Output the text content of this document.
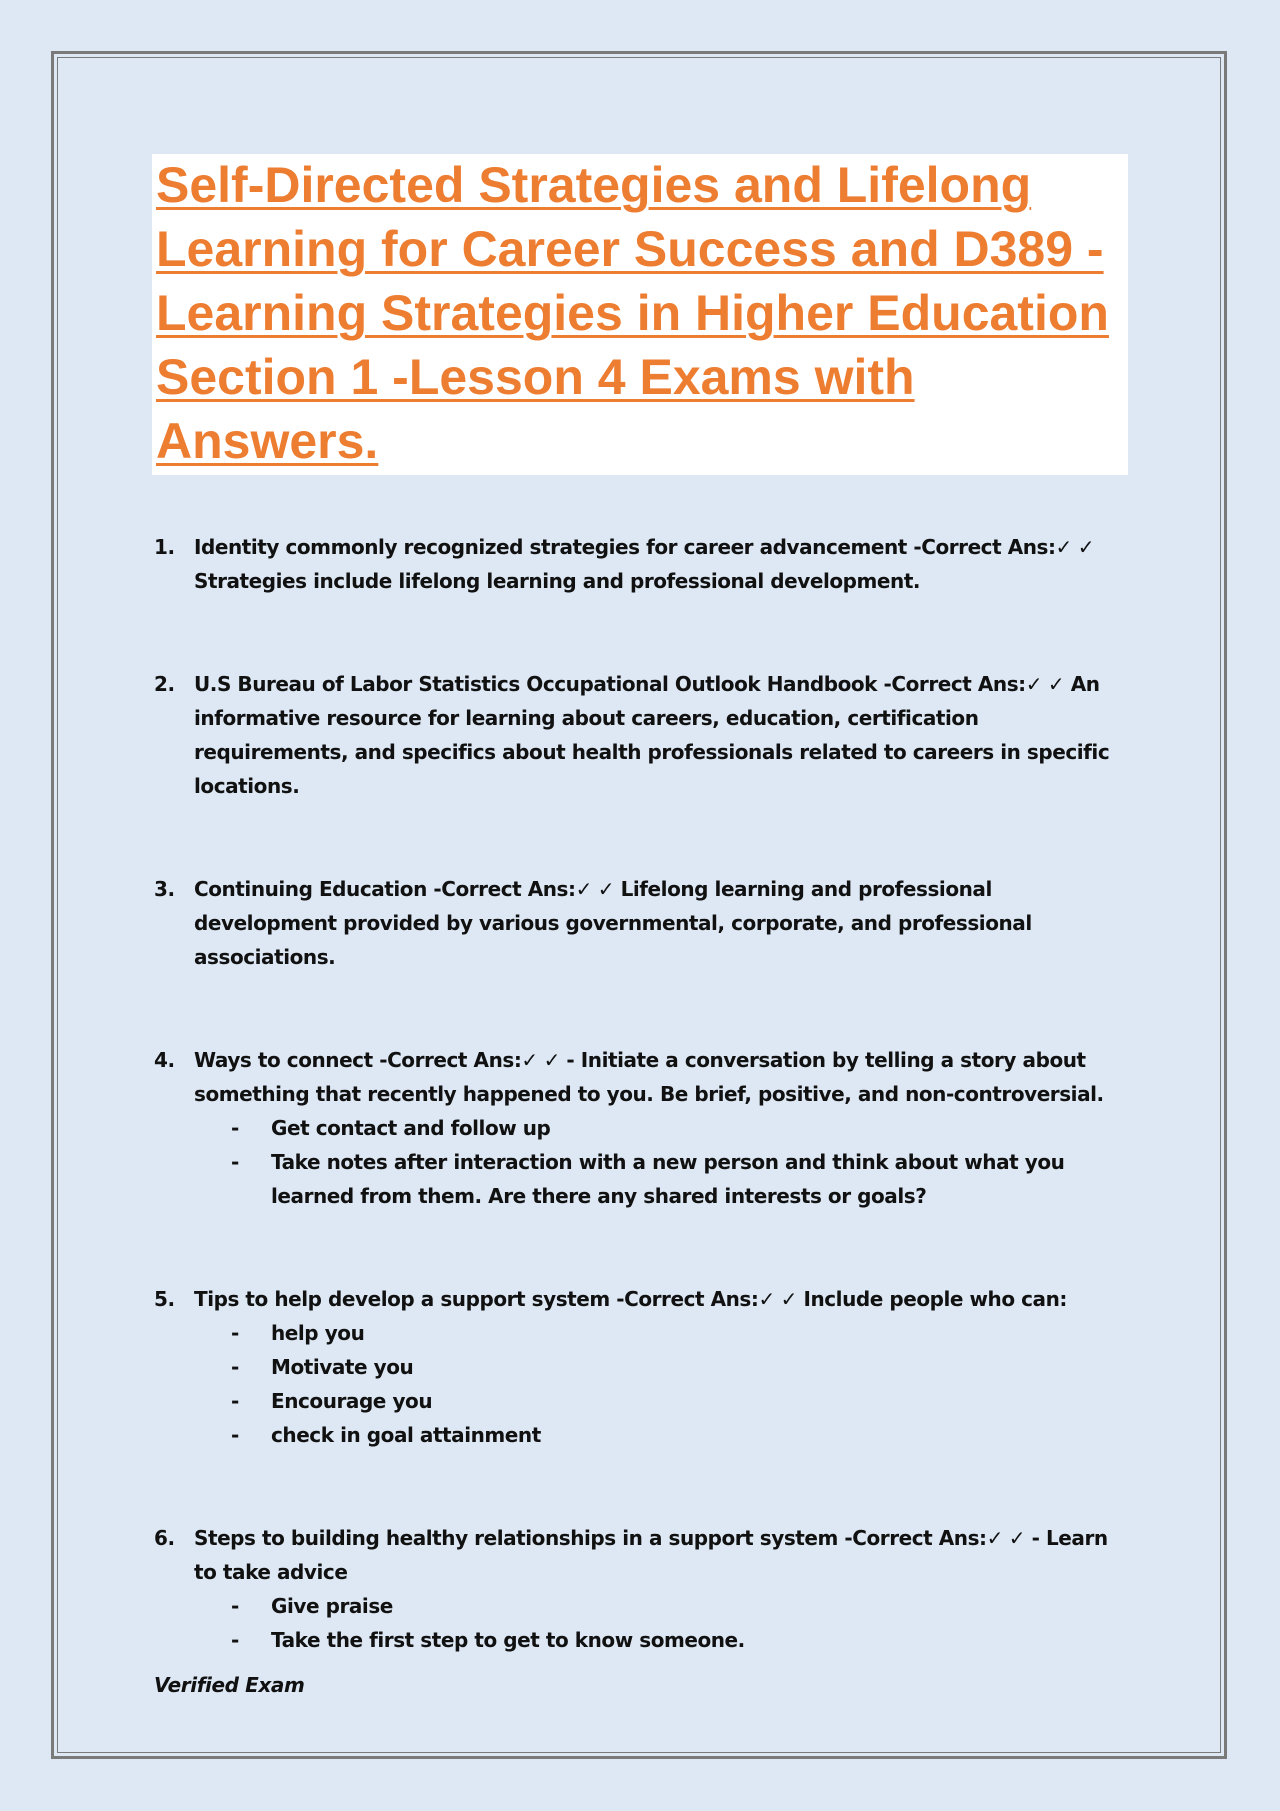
Self-Directed Strategies and Lifelong Learning for Career Success and D389 - Learning Strategies in Higher Education Section 1 -Lesson 4 Exams with Answers.
1. Identity commonly recognized strategies for career advancement -Correct Ans:✓ ✓ Strategies include lifelong learning and professional development.
2. U.S Bureau of Labor Statistics Occupational Outlook Handbook -Correct Ans:✓ ✓ An informative resource for learning about careers, education, certification requirements, and specifics about health professionals related to careers in specific locations.
3. Continuing Education -Correct Ans:✓ ✓ Lifelong learning and professional development provided by various governmental, corporate, and professional associations.
4. Ways to connect -Correct Ans:✓ ✓ - Initiate a conversation by telling a story about something that recently happened to you. Be brief, positive, and non-controversial.
- Get contact and follow up
- Take notes after interaction with a new person and think about what you learned from them. Are there any shared interests or goals?
5. Tips to help develop a support system -Correct Ans:✓ ✓ Include people who can:
- help you
- Motivate you
- Encourage you
- check in goal attainment
6. Steps to building healthy relationships in a support system -Correct Ans:✓ ✓ - Learn to take advice
- Give praise
- Take the first step to get to know someone.
Verified Exam
